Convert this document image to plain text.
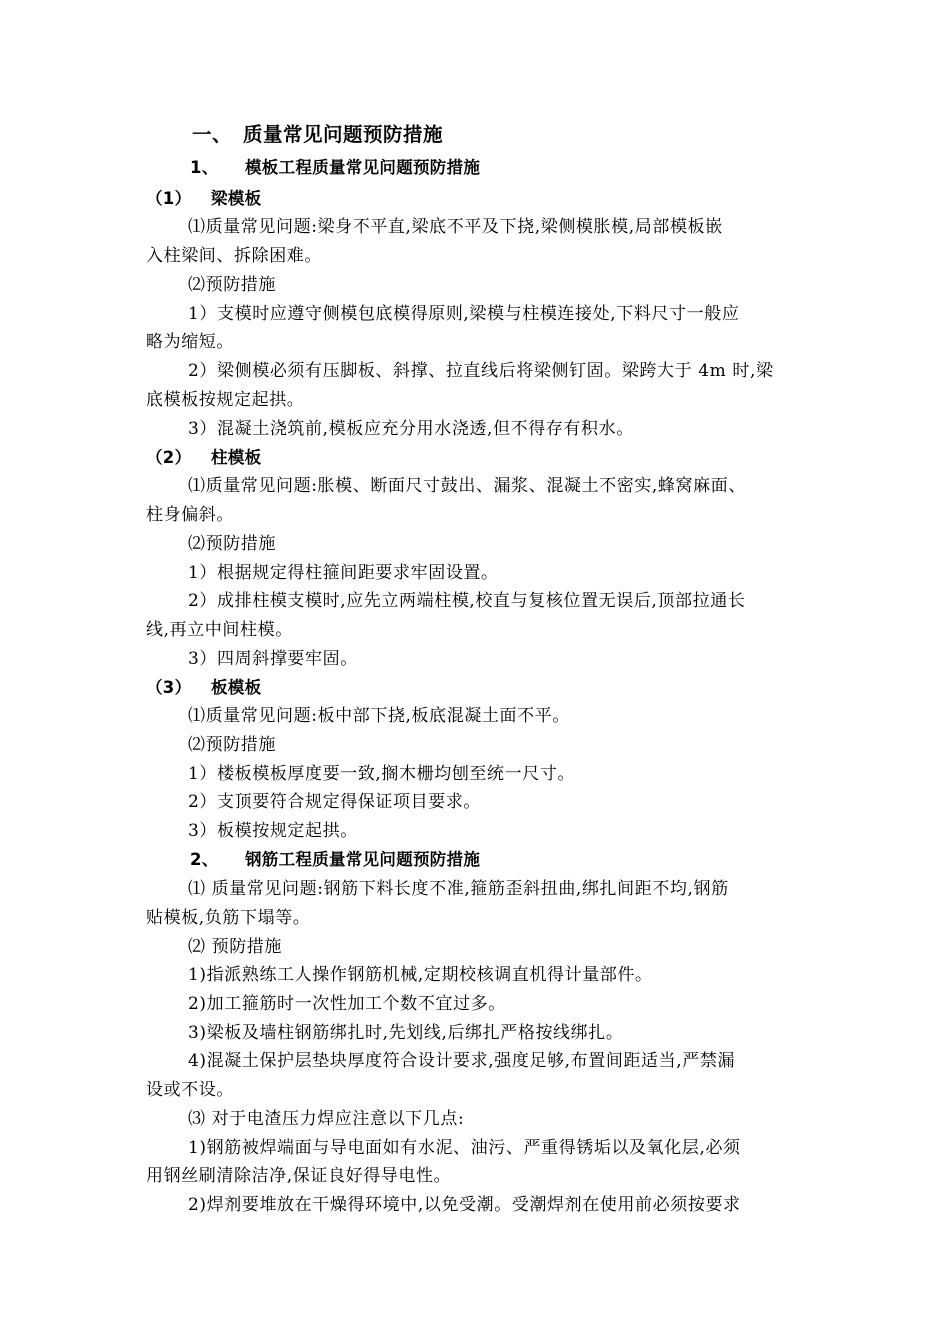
一、 质量常见问题预防措施
1、 模板工程质量常见问题预防措施
（1） 梁模板
⑴质量常见问题:梁身不平直,梁底不平及下挠,梁侧模胀模,局部模板嵌
入柱梁间、拆除困难。
⑵预防措施
1）支模时应遵守侧模包底模得原则,梁模与柱模连接处,下料尺寸一般应
略为缩短。
2）梁侧模必须有压脚板、斜撑、拉直线后将梁侧钉固。梁跨大于 4m 时,梁
底模板按规定起拱。
3）混凝土浇筑前,模板应充分用水浇透,但不得存有积水。
（2） 柱模板
⑴质量常见问题:胀模、断面尺寸鼓出、漏浆、混凝土不密实,蜂窝麻面、
柱身偏斜。
⑵预防措施
1）根据规定得柱箍间距要求牢固设置。
2）成排柱模支模时,应先立两端柱模,校直与复核位置无误后,顶部拉通长
线,再立中间柱模。
3）四周斜撑要牢固。
（3） 板模板
⑴质量常见问题:板中部下挠,板底混凝土面不平。
⑵预防措施
1）楼板模板厚度要一致,搁木栅均刨至统一尺寸。
2）支顶要符合规定得保证项目要求。
3）板模按规定起拱。
2、 钢筋工程质量常见问题预防措施
⑴ 质量常见问题:钢筋下料长度不准,箍筋歪斜扭曲,绑扎间距不均,钢筋
贴模板,负筋下塌等。
⑵ 预防措施
1)指派熟练工人操作钢筋机械,定期校核调直机得计量部件。
2)加工箍筋时一次性加工个数不宜过多。
3)梁板及墙柱钢筋绑扎时,先划线,后绑扎严格按线绑扎。
4)混凝土保护层垫块厚度符合设计要求,强度足够,布置间距适当,严禁漏
设或不设。
⑶ 对于电渣压力焊应注意以下几点:
1)钢筋被焊端面与导电面如有水泥、油污、严重得锈垢以及氧化层,必须
用钢丝刷清除洁净,保证良好得导电性。
2)焊剂要堆放在干燥得环境中,以免受潮。受潮焊剂在使用前必须按要求
